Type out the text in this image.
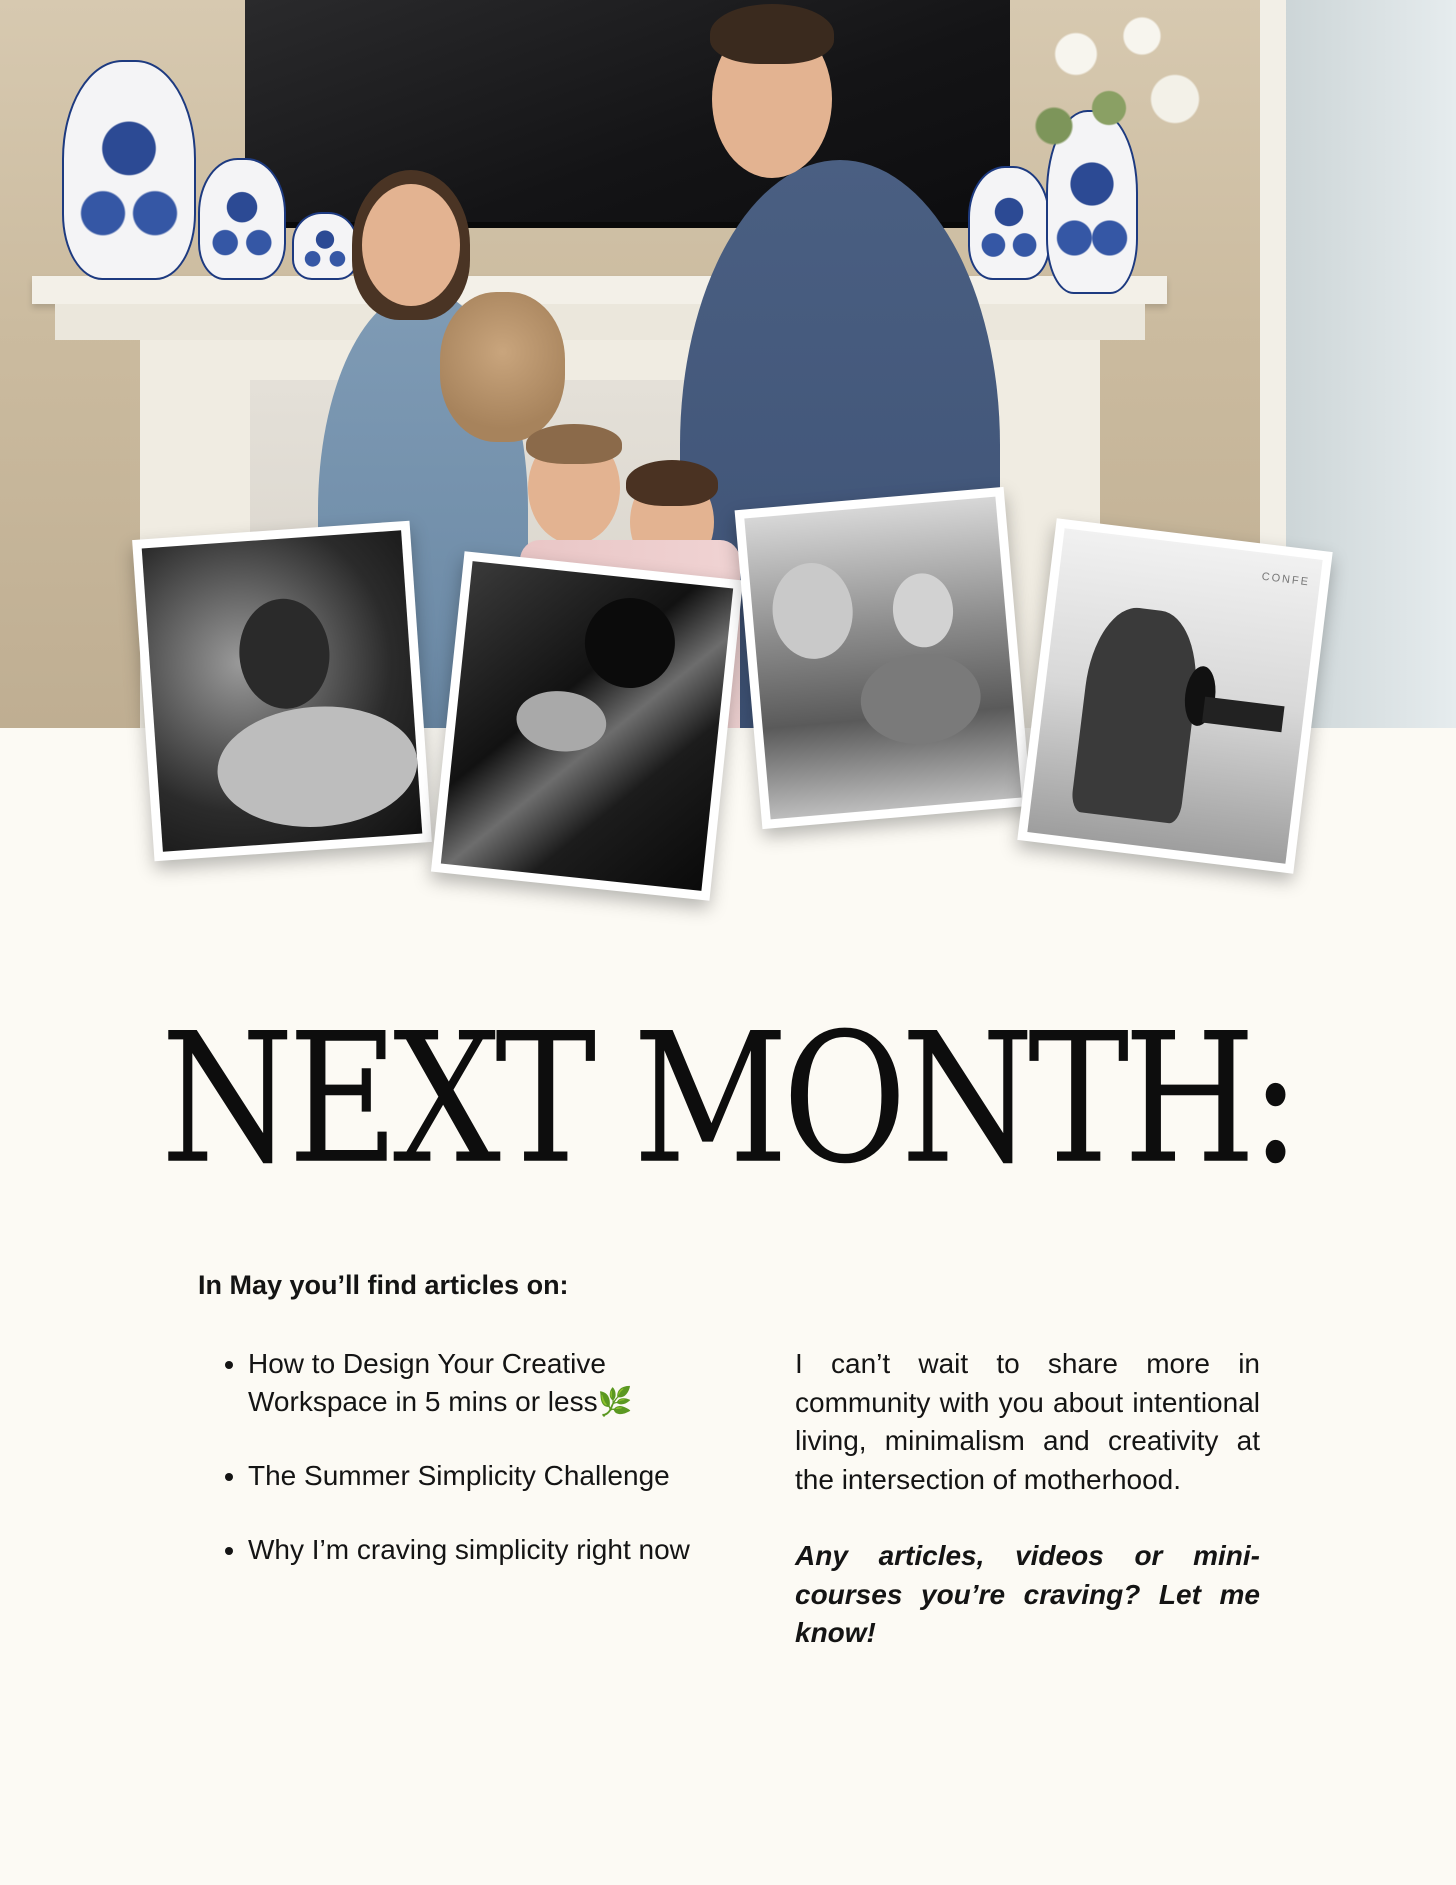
CONFE
NEXT MONTH:

In May you’ll find articles on:

• How to Design Your Creative Workspace in 5 mins or less🌿
• The Summer Simplicity Challenge
• Why I’m craving simplicity right now

I can’t wait to share more in community with you about intentional living, minimalism and creativity at the intersection of motherhood.

Any articles, videos or mini-courses you’re craving? Let me know!
